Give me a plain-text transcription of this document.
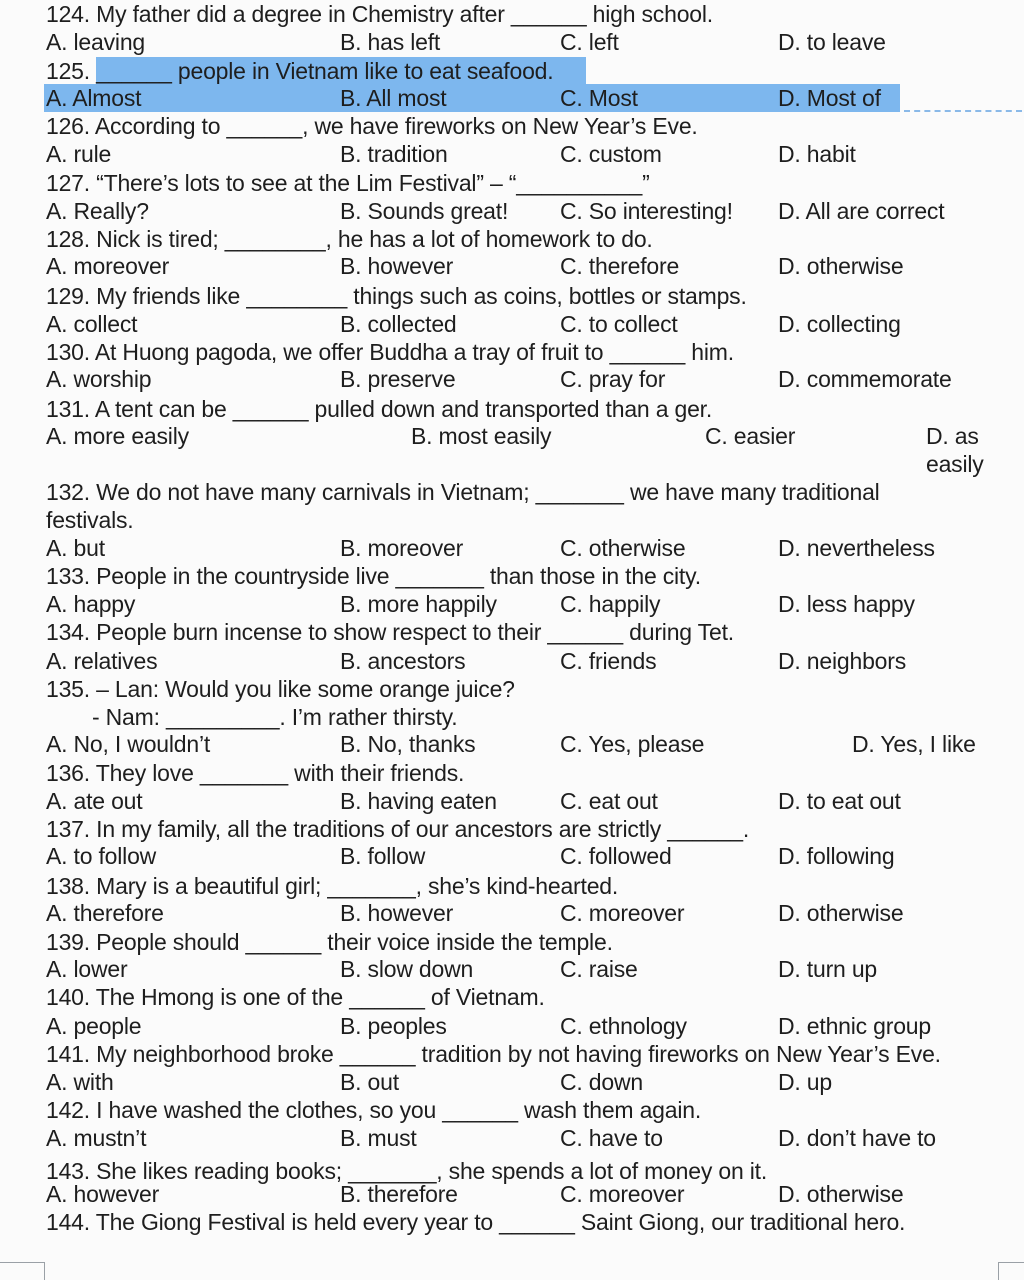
124. My father did a degree in Chemistry after ______ high school.
A. leaving	B. has left	C. left	D. to leave
125. ______ people in Vietnam like to eat seafood.
A. Almost	B. All most	C. Most	D. Most of
126. According to ______, we have fireworks on New Year’s Eve.
A. rule	B. tradition	C. custom	D. habit
127. “There’s lots to see at the Lim Festival” – “__________”
A. Really?	B. Sounds great! C. So interesting! D. All are correct
128. Nick is tired; ________, he has a lot of homework to do.
A. moreover	B. however	C. therefore	D. otherwise
129. My friends like ________ things such as coins, bottles or stamps.
A. collect	B. collected	C. to collect	D. collecting
130. At Huong pagoda, we offer Buddha a tray of fruit to ______ him.
A. worship	B. preserve	C. pray for	D. commemorate
131. A tent can be ______ pulled down and transported than a ger.
A. more easily	B. most easily	C. easier	D. as easily
132. We do not have many carnivals in Vietnam; _______ we have many traditional festivals.
A. but	B. moreover	C. otherwise	D. nevertheless
133. People in the countryside live _______ than those in the city.
A. happy	B. more happily	C. happily	D. less happy
134. People burn incense to show respect to their ______ during Tet.
A. relatives	B. ancestors	C. friends	D. neighbors
135. – Lan: Would you like some orange juice?
- Nam: _________. I’m rather thirsty.
A. No, I wouldn’t	B. No, thanks	C. Yes, please	D. Yes, I like
136. They love _______ with their friends.
A. ate out	B. having eaten	C. eat out	D. to eat out
137. In my family, all the traditions of our ancestors are strictly ______.
A. to follow	B. follow	C. followed	D. following
138. Mary is a beautiful girl; _______, she’s kind-hearted.
A. therefore	B. however	C. moreover	D. otherwise
139. People should ______ their voice inside the temple.
A. lower	B. slow down	C. raise	D. turn up
140. The Hmong is one of the ______ of Vietnam.
A. people	B. peoples	C. ethnology	D. ethnic group
141. My neighborhood broke ______ tradition by not having fireworks on New Year’s Eve.
A. with	B. out	C. down	D. up
142. I have washed the clothes, so you ______ wash them again.
A. mustn’t	B. must	C. have to	D. don’t have to
143. She likes reading books; _______, she spends a lot of money on it.
A. however	B. therefore	C. moreover	D. otherwise
144. The Giong Festival is held every year to ______ Saint Giong, our traditional hero.
